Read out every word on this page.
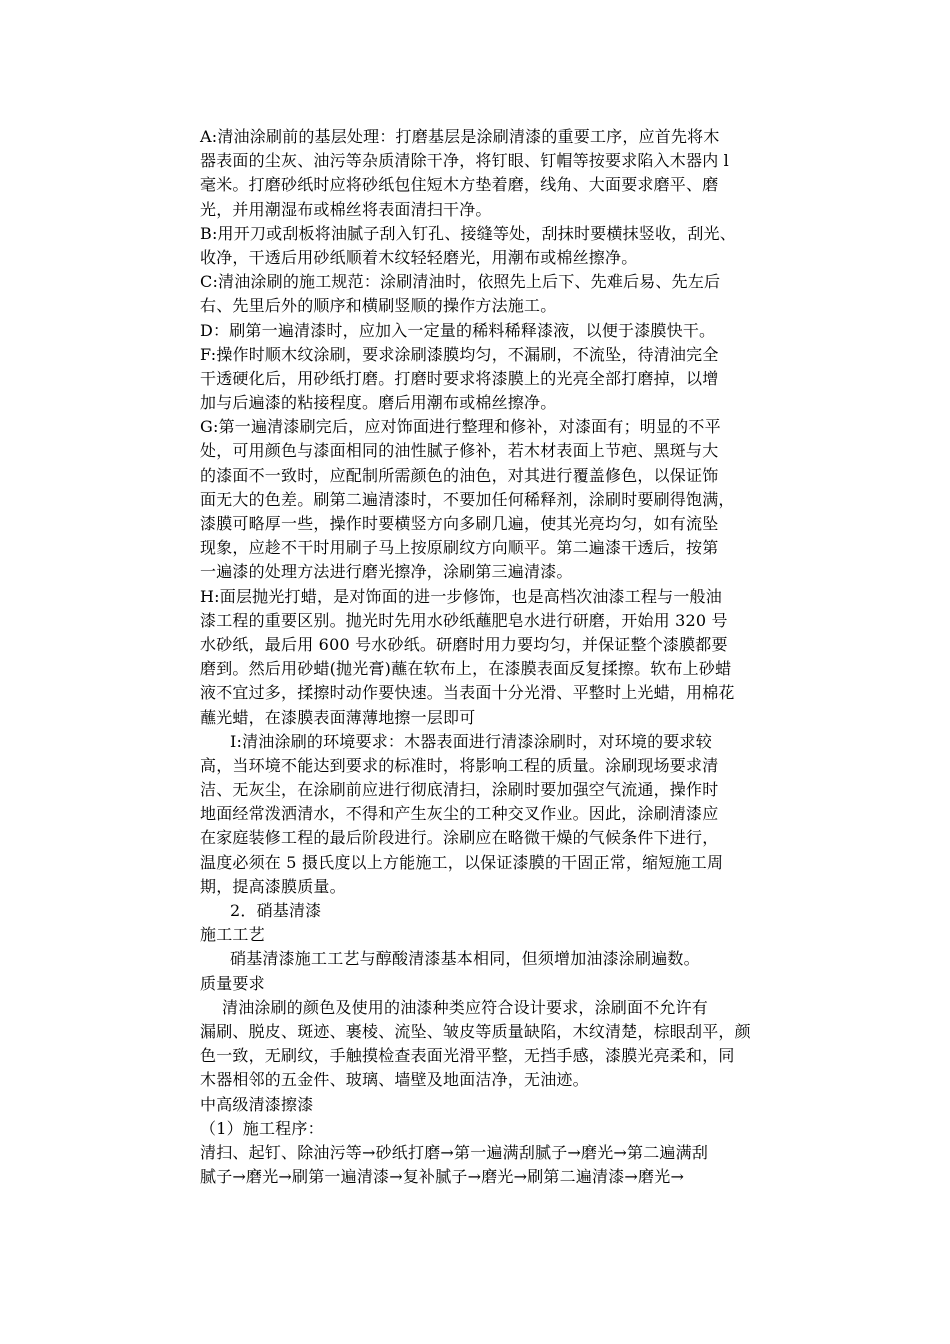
A:清油涂刷前的基层处理：打磨基层是涂刷清漆的重要工序，应首先将木
器表面的尘灰、油污等杂质清除干净，将钉眼、钉帽等按要求陷入木器内 l
毫米。打磨砂纸时应将砂纸包住短木方垫着磨，线角、大面要求磨平、磨
光，并用潮湿布或棉丝将表面清扫干净。
B:用开刀或刮板将油腻子刮入钉孔、接缝等处，刮抹时要横抹竖收，刮光、
收净，干透后用砂纸顺着木纹轻轻磨光，用潮布或棉丝擦净。
C:清油涂刷的施工规范：涂刷清油时，依照先上后下、先难后易、先左后
右、先里后外的顺序和横刷竖顺的操作方法施工。
D：刷第一遍清漆时，应加入一定量的稀料稀释漆液，以便于漆膜快干。
F:操作时顺木纹涂刷，要求涂刷漆膜均匀，不漏刷，不流坠，待清油完全
干透硬化后，用砂纸打磨。打磨时要求将漆膜上的光亮全部打磨掉，以增
加与后遍漆的粘接程度。磨后用潮布或棉丝擦净。
G:第一遍清漆刷完后，应对饰面进行整理和修补，对漆面有；明显的不平
处，可用颜色与漆面相同的油性腻子修补，若木材表面上节疤、黑斑与大
的漆面不一致时，应配制所需颜色的油色，对其进行覆盖修色，以保证饰
面无大的色差。刷第二遍清漆时，不要加任何稀释剂，涂刷时要刷得饱满，
漆膜可略厚一些，操作时要横竖方向多刷几遍，使其光亮均匀，如有流坠
现象，应趁不干时用刷子马上按原刷纹方向顺平。第二遍漆干透后，按第
一遍漆的处理方法进行磨光擦净，涂刷第三遍清漆。
H:面层抛光打蜡，是对饰面的进一步修饰，也是高档次油漆工程与一般油
漆工程的重要区别。抛光时先用水砂纸蘸肥皂水进行研磨，开始用 320 号
水砂纸，最后用 600 号水砂纸。研磨时用力要均匀，并保证整个漆膜都要
磨到。然后用砂蜡(抛光膏)蘸在软布上，在漆膜表面反复揉擦。软布上砂蜡
液不宜过多，揉擦时动作要快速。当表面十分光滑、平整时上光蜡，用棉花
蘸光蜡，在漆膜表面薄薄地擦一层即可
I:清油涂刷的环境要求：木器表面进行清漆涂刷时，对环境的要求较
高，当环境不能达到要求的标准时，将影响工程的质量。涂刷现场要求清
洁、无灰尘，在涂刷前应进行彻底清扫，涂刷时要加强空气流通，操作时
地面经常泼洒清水，不得和产生灰尘的工种交叉作业。因此，涂刷清漆应
在家庭装修工程的最后阶段进行。涂刷应在略微干燥的气候条件下进行，
温度必须在 5 摄氏度以上方能施工，以保证漆膜的干固正常，缩短施工周
期，提高漆膜质量。
2．硝基清漆
施工工艺
硝基清漆施工工艺与醇酸清漆基本相同，但须增加油漆涂刷遍数。
质量要求
清油涂刷的颜色及使用的油漆种类应符合设计要求，涂刷面不允许有
漏刷、脱皮、斑迹、裹棱、流坠、皱皮等质量缺陷，木纹清楚，棕眼刮平，颜
色一致，无刷纹，手触摸检查表面光滑平整，无挡手感，漆膜光亮柔和，同
木器相邻的五金件、玻璃、墙壁及地面洁净，无油迹。
中高级清漆擦漆
（1）施工程序：
清扫、起钉、除油污等→砂纸打磨→第一遍满刮腻子→磨光→第二遍满刮
腻子→磨光→刷第一遍清漆→复补腻子→磨光→刷第二遍清漆→磨光→
